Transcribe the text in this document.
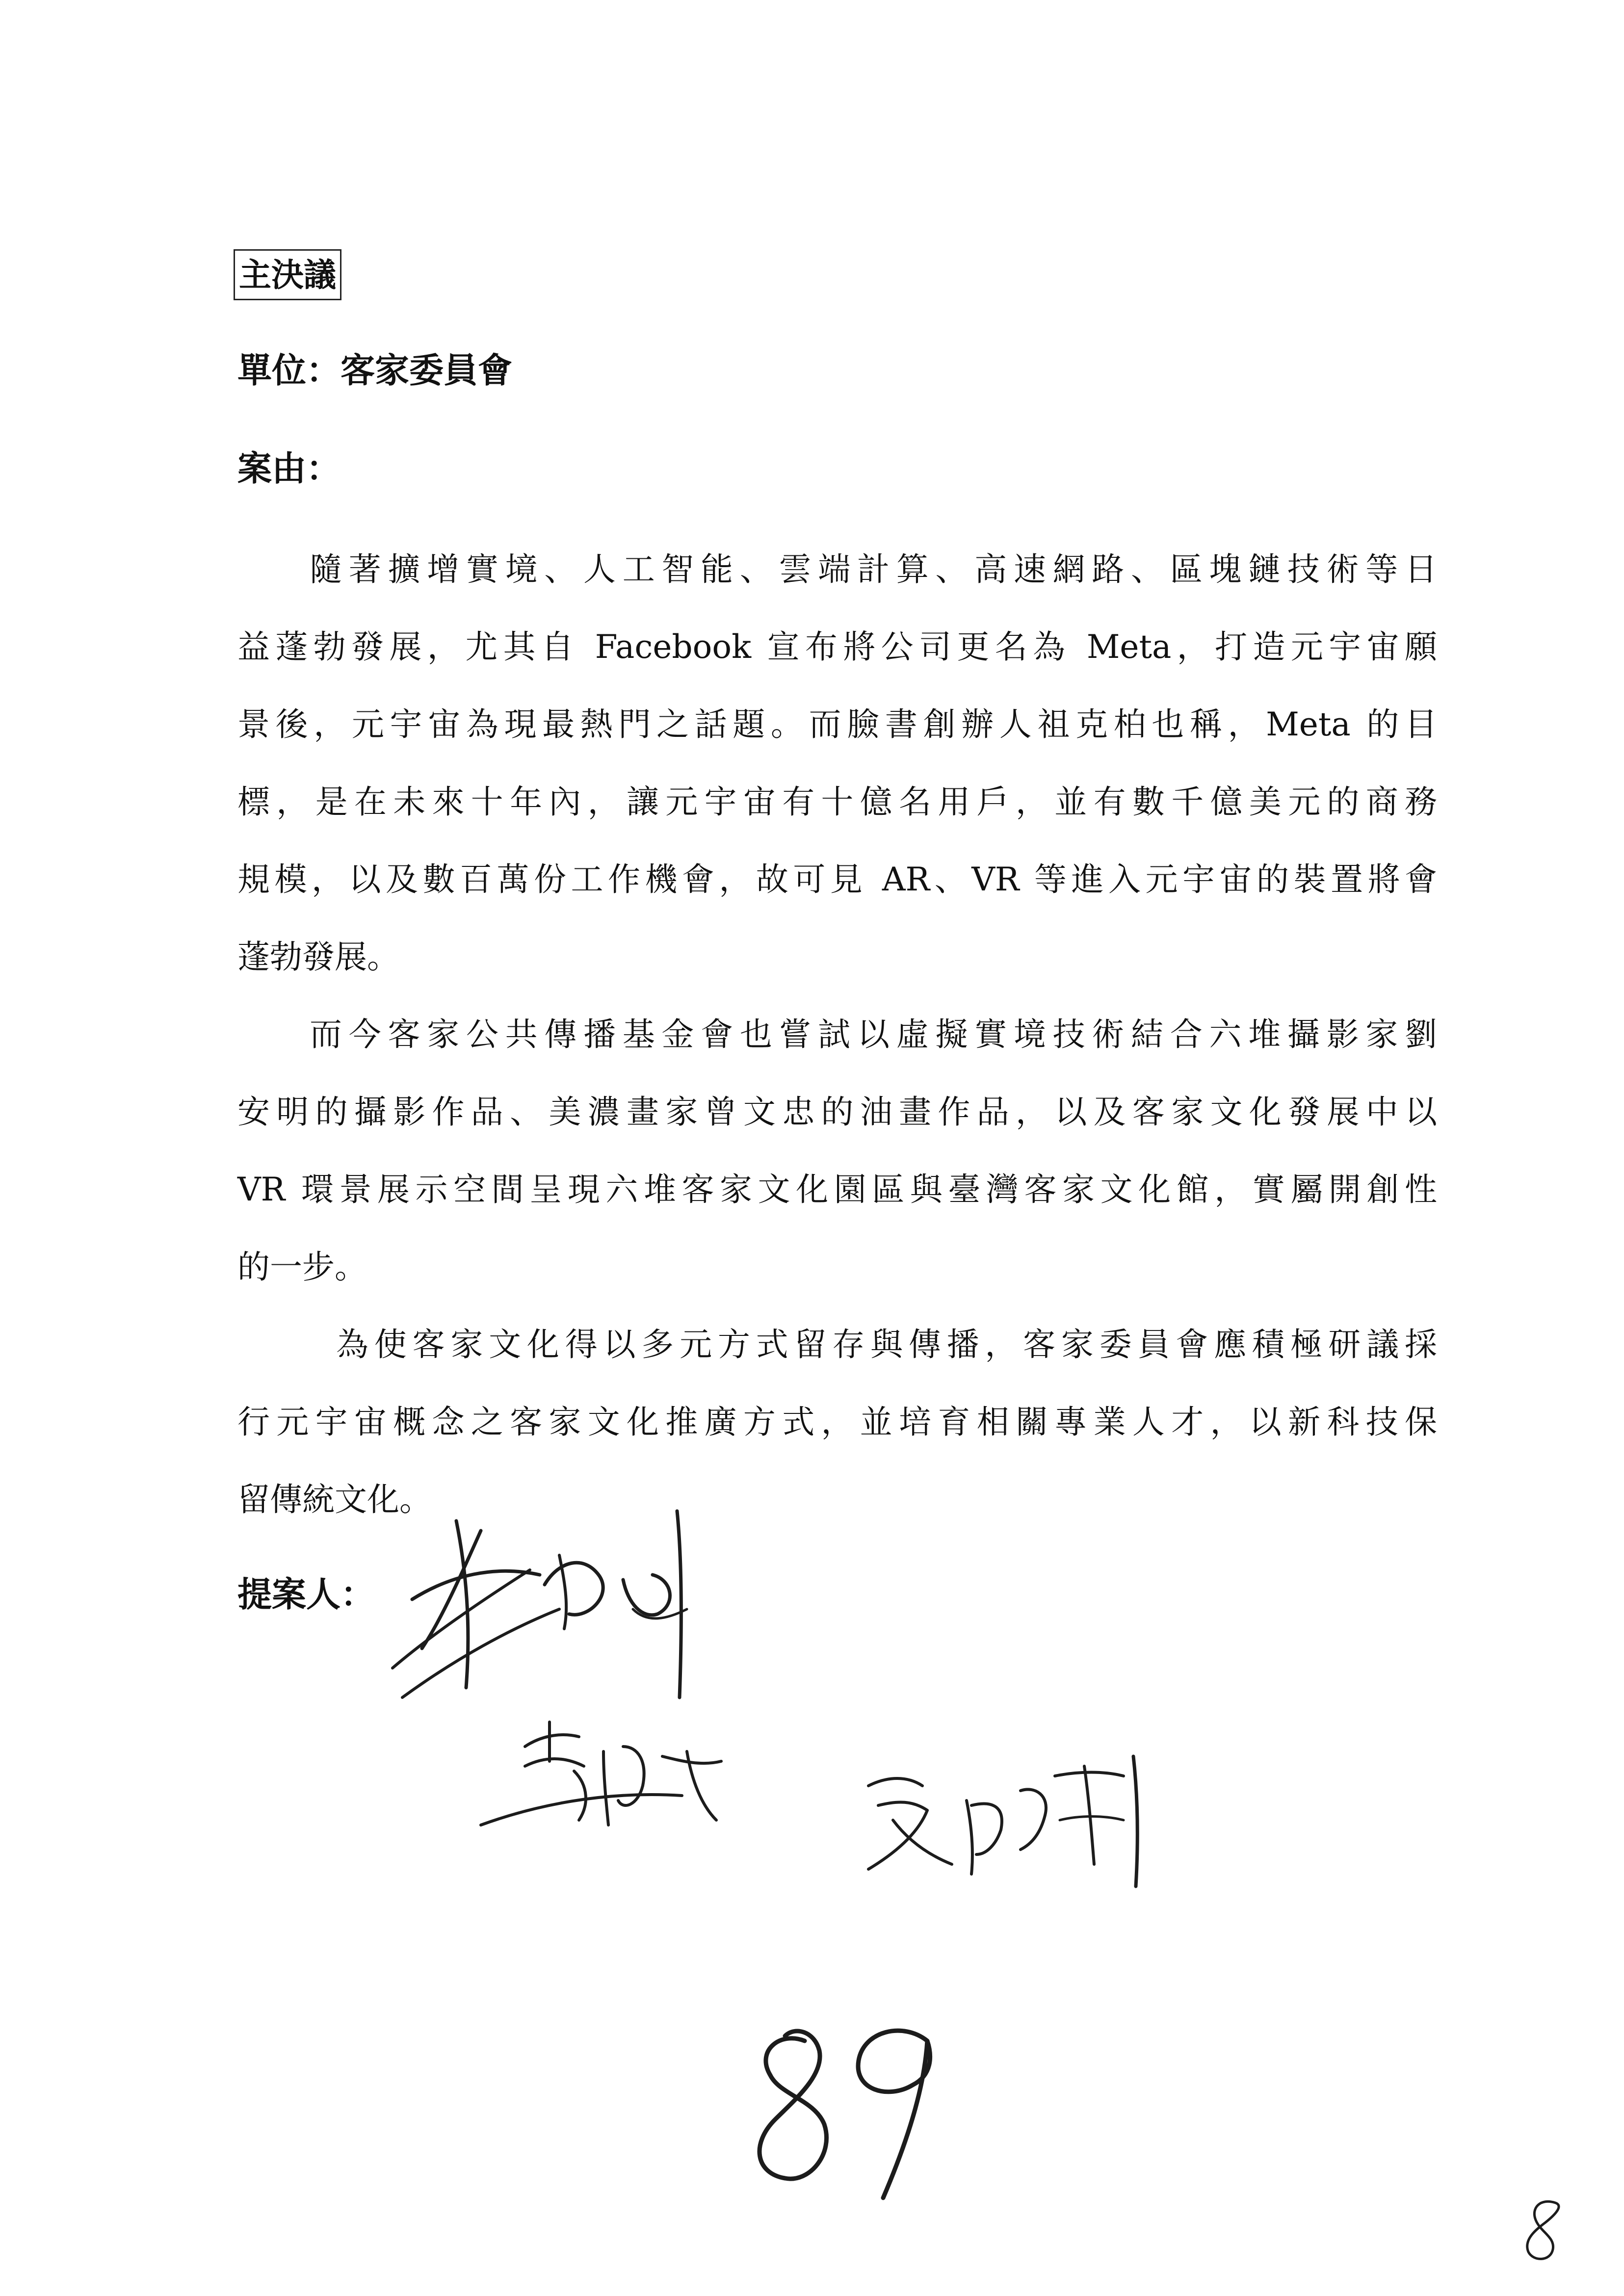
主決議
單位：客家委員會
案由：
隨著擴增實境、人工智能、雲端計算、高速網路、區塊鏈技術等日
益蓬勃發展，尤其自 Facebook 宣布將公司更名為 Meta，打造元宇宙願
景後，元宇宙為現最熱門之話題。而臉書創辦人祖克柏也稱，Meta 的目
標，是在未來十年內，讓元宇宙有十億名用戶，並有數千億美元的商務
規模，以及數百萬份工作機會，故可見 AR、VR 等進入元宇宙的裝置將會
蓬勃發展。
而今客家公共傳播基金會也嘗試以虛擬實境技術結合六堆攝影家劉
安明的攝影作品、美濃畫家曾文忠的油畫作品，以及客家文化發展中以
VR 環景展示空間呈現六堆客家文化園區與臺灣客家文化館，實屬開創性
的一步。
為使客家文化得以多元方式留存與傳播，客家委員會應積極研議採
行元宇宙概念之客家文化推廣方式，並培育相關專業人才，以新科技保
留傳統文化。
提案人：
